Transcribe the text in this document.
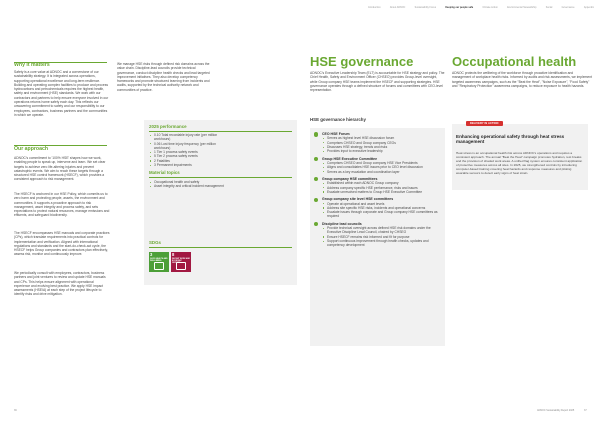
Introduction	About ADNOC	Sustainability Focus	Keeping our people safe	Climate Action	Environmental Stewardship	Social	Governance	Appendix
Why it matters
Safety is a core value at ADNOC and a cornerstone of our sustainability strategy. It is integrated across operations, supporting operational excellence and long-term resilience. Building and operating complex facilities to produce and process hydrocarbons and petrochemicals requires the highest health, safety and environment (HSE) standards. We work with our contractors and partners to help ensure everyone involved in our operations returns home safely each day. This reflects our unwavering commitment to safety and our responsibility to our employees, contractors, business partners and the communities in which we operate.
We manage HSE risks through defined risk domains across the value chain. Discipline-lead councils provide technical governance, conduct discipline health checks and lead targeted improvement initiatives. They also develop competency frameworks and promote structured learning from incidents and audits, supported by the technical authority network and communities of practice.
Our approach
ADNOC's commitment to '100% HSE' shapes how we work, enabling people to speak up, intervene and learn. We set clear targets to achieve zero life-altering injuries and prevent catastrophic events. We aim to reach these targets through a structured HSE control framework (HSECF), which provides a consistent approach to risk management.
The HSECF is anchored in our HSE Policy, which commits us to zero harm and protecting people, assets, the environment and communities. It supports a proactive approach to risk management, asset integrity and process safety, and sets expectations to protect natural resources, manage emissions and effluents, and safeguard biodiversity.
The HSECF encompasses HSE manuals and corporate practices (CPs), which translate requirements into practical controls for implementation and verification. Aligned with international regulations and standards and the start-do-check-act cycle, the HSECF helps Group companies and contractors plan effectively, assess risk, monitor and continuously improve.
We periodically consult with employees, contractors, business partners and joint ventures to review and update HSE manuals and CPs. This helps ensure alignment with operational experience and evolving best practice. We apply HSE impact assessments (HSEIA) at each step of the project lifecycle to identify risks and drive mitigation.
2025 performance
0.10 Total recordable injury rate (per million workhours)
0.06 Lost time injury frequency (per million workhours)
1 Tier 1 process safety events
5 Tier 2 process safety events
2 Fatalities
3 Permanent impairments
Material topics
Occupational health and safety
Asset integrity and critical incident management
SDGs
3
GOOD HEALTH AND WELL-BEING
8
DECENT WORK AND ECONOMIC GROWTH
HSE governance
ADNOC's Executive Leadership Team (ELT) is accountable for HSE strategy and policy. The Chief Health, Safety and Environment Officer (CHSEO) provides Group-level oversight, while Group company HSE teams implement the HSECF and supporting strategies. HSE governance operates through a defined structure of forums and committees with CEO-level representation.
HSE governance hierarchy
CEO HSE Forum
Serves as highest level HSE discussion forum
Comprises CHSEO and Group company CEOs
Discusses HSE strategy, trends and risks
Provides input to executive leadership
Group HSE Executive Committee
Comprises CHSEO and Group company HSE Vice Presidents
Aligns and consolidates HSE issues prior to CEO level discussion
Serves as a key escalation and coordination layer
Group company HSE committees
Established within each ADNOC Group company
Address company specific HSE performance, risks and issues
Escalate unresolved matters to Group HSE Executive Committee
Group company site level HSE committees
Operate at operational and asset levels
Address site specific HSE risks, incidents and operational concerns
Escalate issues through corporate and Group company HSE committees as required
Discipline lead councils
Provide technical oversight across defined HSE risk domains under the Executive Discipline Lead Council, chaired by CHSEO
Ensure HSECF remains risk informed and fit for purpose
Support continuous improvement through health checks, updates and competency development
Occupational health
ADNOC protects the wellbeing of the workforce through proactive identification and management of workplace health risks. Informed by audits and risk assessments, we implement targeted awareness campaigns, such as the "Beat the Heat", "Noise Exposure", "Food Safety" and "Respiratory Protection" awareness campaigns, to reduce exposure to health hazards.
DELIVERY IN ACTION
Enhancing operational safety through heat stress management
Heat stress is an occupational health risk across ADNOC's operations and requires a consistent approach. The annual "Beat the Heat" campaign promotes hydration, rest breaks and the provision of shaded work areas. A unified flag system ensures consistent application of protective measures across all sites. In 2025, we strengthened controls by introducing computer-based training covering heat hazards and response measures and piloting wearable sensors to detect early signs of heat strain.
36	ADNOC Sustainability Report 2025	37
